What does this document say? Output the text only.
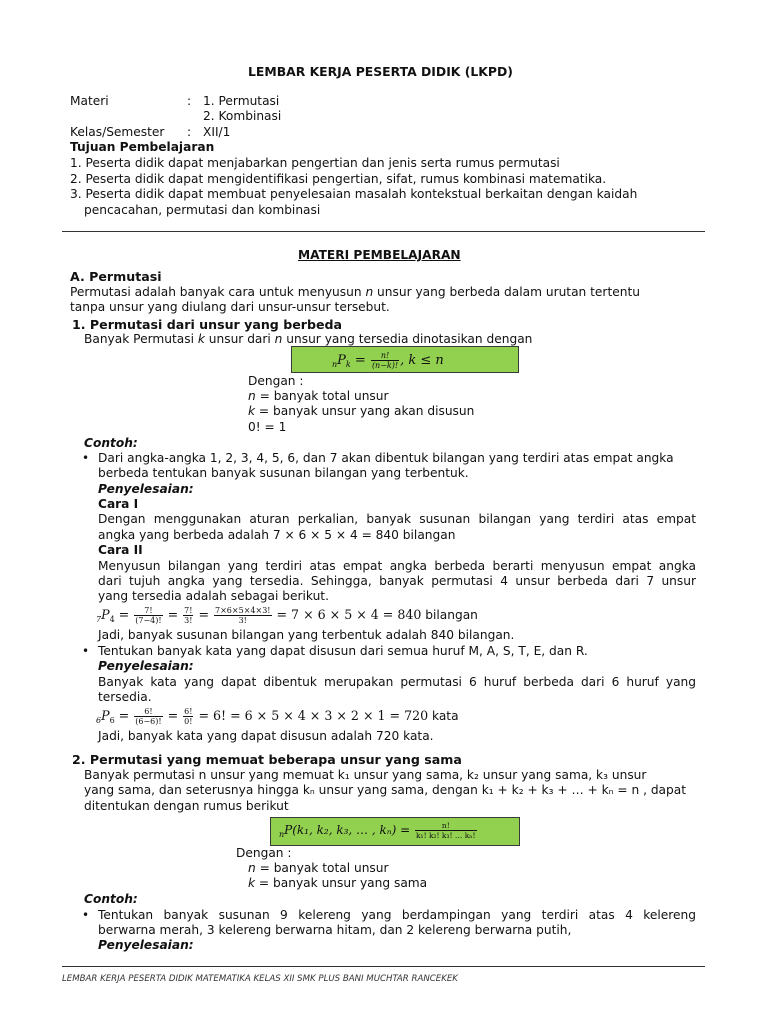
LEMBAR KERJA PESERTA DIDIK (LKPD)
Materi	: 1. Permutasi
2. Kombinasi
Kelas/Semester : XII/1
Tujuan Pembelajaran
1. Peserta didik dapat menjabarkan pengertian dan jenis serta rumus permutasi
2. Peserta didik dapat mengidentifikasi pengertian, sifat, rumus kombinasi matematika.
3. Peserta didik dapat membuat penyelesaian masalah kontekstual berkaitan dengan kaidah
pencacahan, permutasi dan kombinasi
MATERI PEMBELAJARAN
A. Permutasi
Permutasi adalah banyak cara untuk menyusun n unsur yang berbeda dalam urutan tertentu
tanpa unsur yang diulang dari unsur-unsur tersebut.
1. Permutasi dari unsur yang berbeda
Banyak Permutasi k unsur dari n unsur yang tersedia dinotasikan dengan
$_nP_k = \frac{n!}{(n-k)!}$ , k ≤ n
Dengan :
n = banyak total unsur
k = banyak unsur yang akan disusun
0! = 1
Contoh:
• Dari angka-angka 1, 2, 3, 4, 5, 6, dan 7 akan dibentuk bilangan yang terdiri atas empat angka
berbeda tentukan banyak susunan bilangan yang terbentuk.
Penyelesaian:
Cara I
Dengan menggunakan aturan perkalian, banyak susunan bilangan yang terdiri atas empat
angka yang berbeda adalah 7 × 6 × 5 × 4 = 840 bilangan
Cara II
Menyusun bilangan yang terdiri atas empat angka berbeda berarti menyusun empat angka
dari tujuh angka yang tersedia. Sehingga, banyak permutasi 4 unsur berbeda dari 7 unsur
yang tersedia adalah sebagai berikut.
$_7P_4 = \frac{7!}{(7-4)!} = \frac{7!}{3!} = \frac{7\times 6\times 5\times 4\times 3!}{3!} = 7 \times 6 \times 5 \times 4 = 840$ bilangan
Jadi, banyak susunan bilangan yang terbentuk adalah 840 bilangan.
• Tentukan banyak kata yang dapat disusun dari semua huruf M, A, S, T, E, dan R.
Penyelesaian:
Banyak kata yang dapat dibentuk merupakan permutasi 6 huruf berbeda dari 6 huruf yang
tersedia.
$_6P_6 = \frac{6!}{(6-6)!} = \frac{6!}{0!} = 6$! = 6 × 5 × 4 × 3 × 2 × 1 = 720 kata
Jadi, banyak kata yang dapat disusun adalah 720 kata.
2. Permutasi yang memuat beberapa unsur yang sama
Banyak permutasi n unsur yang memuat k₁ unsur yang sama, k₂ unsur yang sama, k₃ unsur
yang sama, dan seterusnya hingga kₙ unsur yang sama, dengan k₁ + k₂ + k₃ + … + kₙ = n , dapat
ditentukan dengan rumus berikut
$_n$P(k₁, k₂, k₃, … , $k_n) = \frac{n!}{\text{k₁! k₂! k₃! … kₙ!}}$
Dengan :
n = banyak total unsur
k = banyak unsur yang sama
Contoh:
• Tentukan banyak susunan 9 kelereng yang berdampingan yang terdiri atas 4 kelereng
berwarna merah, 3 kelereng berwarna hitam, dan 2 kelereng berwarna putih,
Penyelesaian:
LEMBAR KERJA PESERTA DIDIK MATEMATIKA KELAS XII SMK PLUS BANI MUCHTAR RANCEKEK
